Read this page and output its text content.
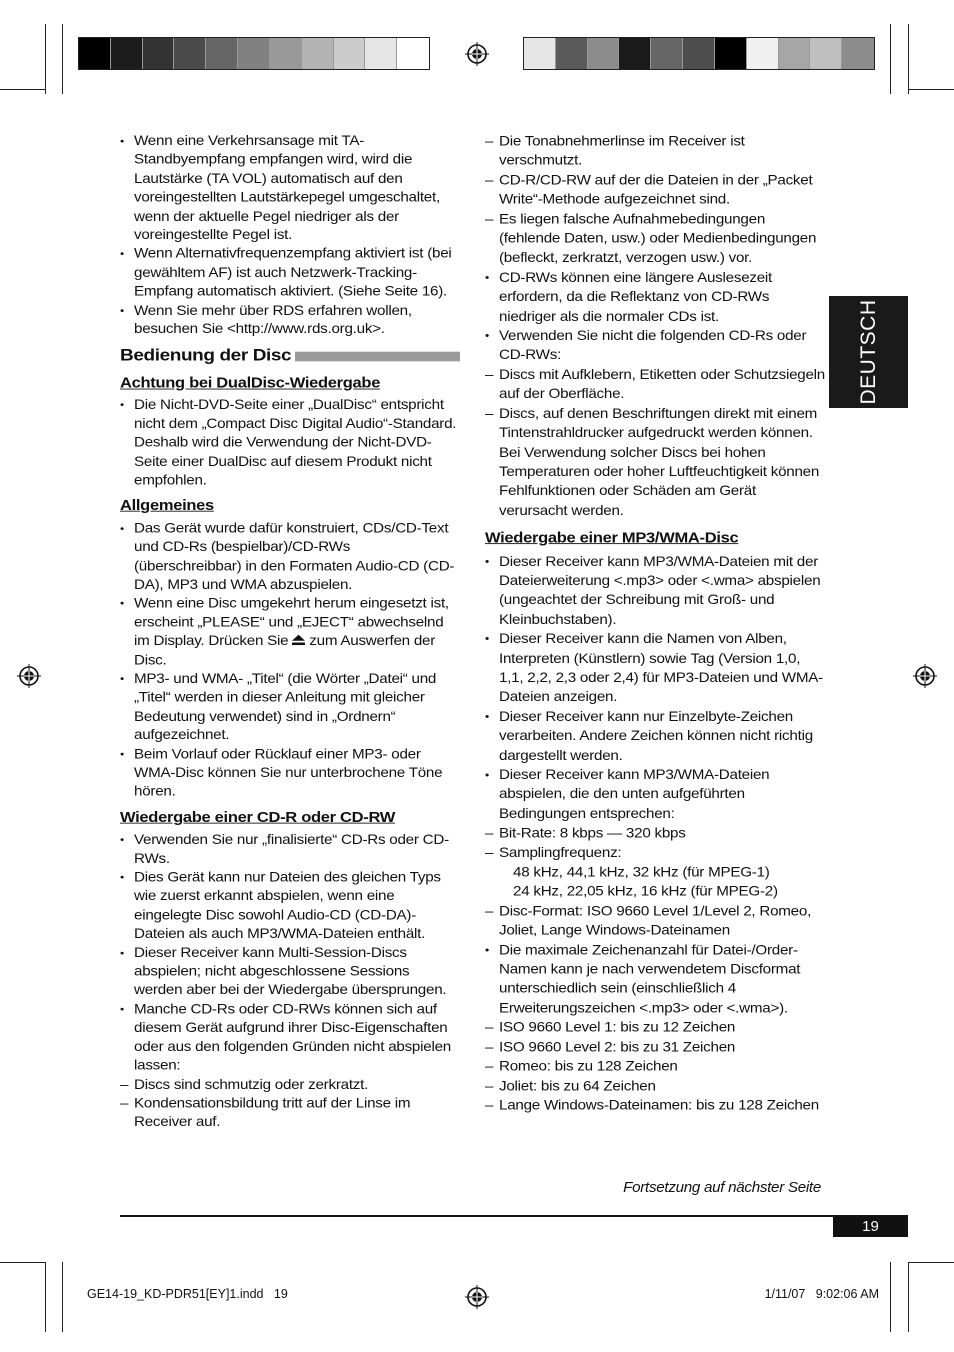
DEUTSCH

• Wenn eine Verkehrsansage mit TA-Standbyempfang empfangen wird, wird die Lautstärke (TA VOL) automatisch auf den voreingestellten Lautstärkepegel umgeschaltet, wenn der aktuelle Pegel niedriger als der voreingestellte Pegel ist.

• Wenn Alternativfrequenzempfang aktiviert ist (bei gewähltem AF) ist auch Netzwerk-Tracking-Empfang automatisch aktiviert. (Siehe Seite 16).

• Wenn Sie mehr über RDS erfahren wollen, besuchen Sie <http://www.rds.org.uk>.

Bedienung der Disc
Achtung bei DualDisc-Wiedergabe

• Die Nicht-DVD-Seite einer „DualDisc“ entspricht nicht dem „Compact Disc Digital Audio“-Standard. Deshalb wird die Verwendung der Nicht-DVD-Seite einer DualDisc auf diesem Produkt nicht empfohlen.

Allgemeines

• Das Gerät wurde dafür konstruiert, CDs/CD-Text und CD-Rs (bespielbar)/CD-RWs (überschreibbar) in den Formaten Audio-CD (CD-DA), MP3 und WMA abzuspielen.

• Wenn eine Disc umgekehrt herum eingesetzt ist, erscheint „PLEASE“ und „EJECT“ abwechselnd im Display. Drücken Sie zum Auswerfen der Disc.

• MP3- und WMA- „Titel“ (die Wörter „Datei“ und „Titel“ werden in dieser Anleitung mit gleicher Bedeutung verwendet) sind in „Ordnern“ aufgezeichnet.

• Beim Vorlauf oder Rücklauf einer MP3- oder WMA-Disc können Sie nur unterbrochene Töne hören.

Wiedergabe einer CD-R oder CD-RW

• Verwenden Sie nur „finalisierte“ CD-Rs oder CD-RWs.

• Dies Gerät kann nur Dateien des gleichen Typs wie zuerst erkannt abspielen, wenn eine eingelegte Disc sowohl Audio-CD (CD-DA)-Dateien als auch MP3/WMA-Dateien enthält.

• Dieser Receiver kann Multi-Session-Discs abspielen; nicht abgeschlossene Sessions werden aber bei der Wiedergabe übersprungen.

• Manche CD-Rs oder CD-RWs können sich auf diesem Gerät aufgrund ihrer Disc-Eigenschaften oder aus den folgenden Gründen nicht abspielen lassen:

– Discs sind schmutzig oder zerkratzt.

– Kondensationsbildung tritt auf der Linse im Receiver auf.

– Die Tonabnehmerlinse im Receiver ist verschmutzt.

– CD-R/CD-RW auf der die Dateien in der „Packet Write“-Methode aufgezeichnet sind.

– Es liegen falsche Aufnahmebedingungen (fehlende Daten, usw.) oder Medienbedingungen (befleckt, zerkratzt, verzogen usw.) vor.

• CD-RWs können eine längere Auslesezeit erfordern, da die Reflektanz von CD-RWs niedriger als die normaler CDs ist.

• Verwenden Sie nicht die folgenden CD-Rs oder CD-RWs:

– Discs mit Aufklebern, Etiketten oder Schutzsiegeln auf der Oberfläche.

– Discs, auf denen Beschriftungen direkt mit einem Tintenstrahldrucker aufgedruckt werden können.

Bei Verwendung solcher Discs bei hohen Temperaturen oder hoher Luftfeuchtigkeit können Fehlfunktionen oder Schäden am Gerät verursacht werden.

Wiedergabe einer MP3/WMA-Disc

• Dieser Receiver kann MP3/WMA-Dateien mit der Dateierweiterung <.mp3> oder <.wma> abspielen (ungeachtet der Schreibung mit Groß- und Kleinbuchstaben).

• Dieser Receiver kann die Namen von Alben, Interpreten (Künstlern) sowie Tag (Version 1,0, 1,1, 2,2, 2,3 oder 2,4) für MP3-Dateien und WMA-Dateien anzeigen.

• Dieser Receiver kann nur Einzelbyte-Zeichen verarbeiten. Andere Zeichen können nicht richtig dargestellt werden.

• Dieser Receiver kann MP3/WMA-Dateien abspielen, die den unten aufgeführten Bedingungen entsprechen:

– Bit-Rate: 8 kbps — 320 kbps

– Samplingfrequenz:

48 kHz, 44,1 kHz, 32 kHz (für MPEG-1)

24 kHz, 22,05 kHz, 16 kHz (für MPEG-2)

– Disc-Format: ISO 9660 Level 1/Level 2, Romeo, Joliet, Lange Windows-Dateinamen

• Die maximale Zeichenanzahl für Datei-/Order-Namen kann je nach verwendetem Discformat unterschiedlich sein (einschließlich 4 Erweiterungszeichen <.mp3> oder <.wma>).

– ISO 9660 Level 1: bis zu 12 Zeichen

– ISO 9660 Level 2: bis zu 31 Zeichen

– Romeo: bis zu 128 Zeichen

– Joliet: bis zu 64 Zeichen

– Lange Windows-Dateinamen: bis zu 128 Zeichen

Fortsetzung auf nächster Seite
19
GE14-19_KD-PDR51[EY]1.indd   19	1/11/07   9:02:06 AM
